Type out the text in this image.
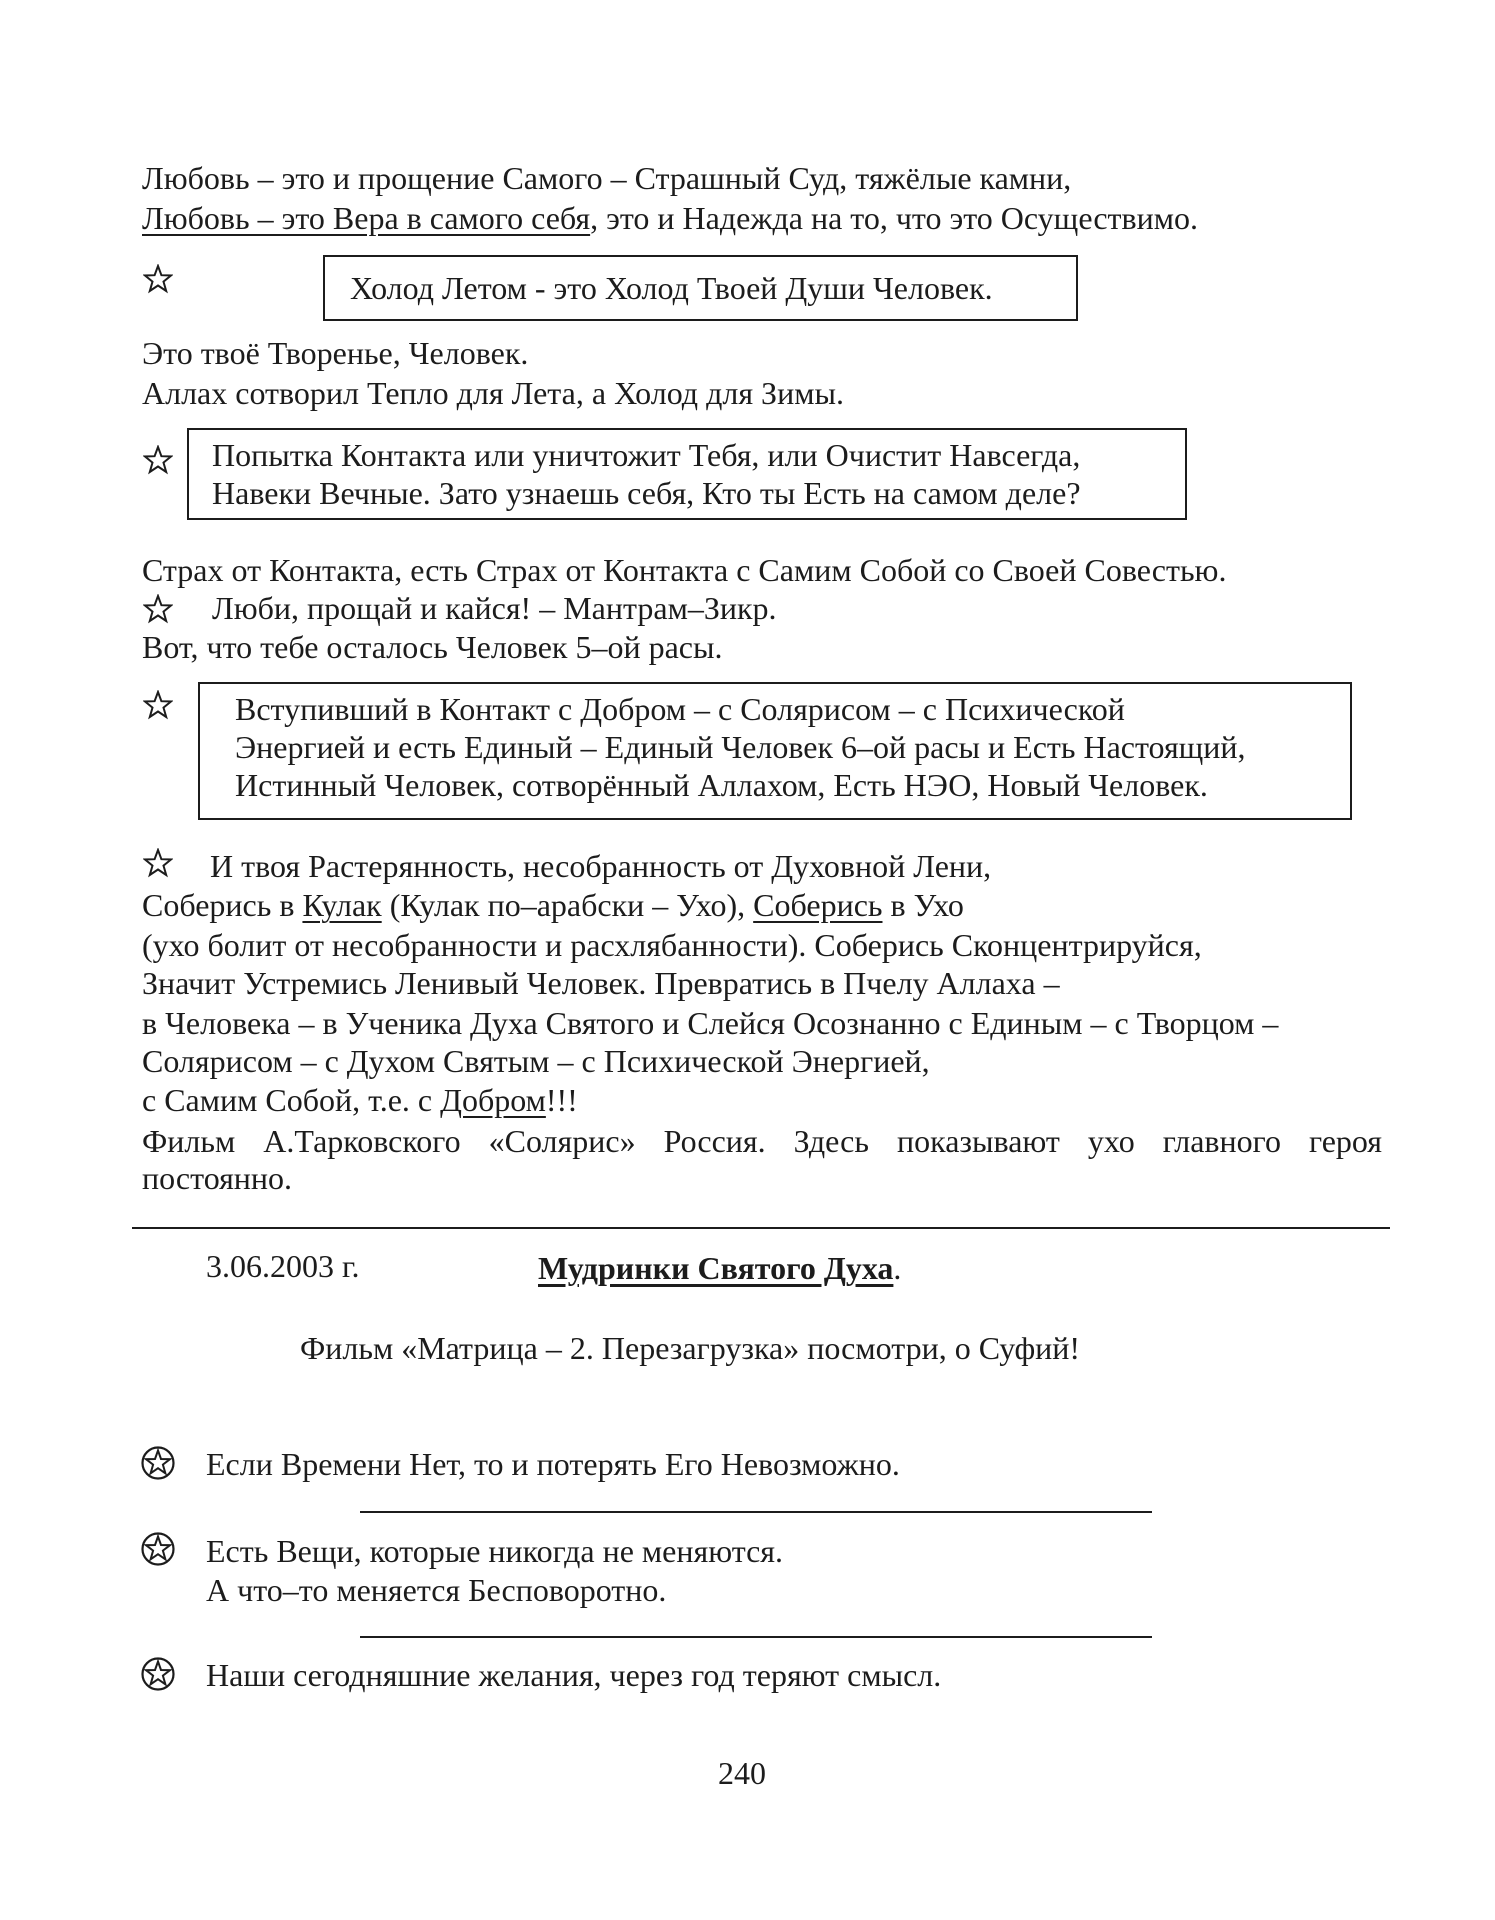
Любовь – это и прощение Самого – Страшный Суд, тяжёлые камни,
Любовь – это Вера в самого себя, это и Надежда на то, что это Осуществимо.
Холод Летом - это Холод Твоей Души Человек.
Это твоё Творенье, Человек.
Аллах сотворил Тепло для Лета, а Холод для Зимы.
Попытка Контакта или уничтожит Тебя, или Очистит Навсегда,
Навеки Вечные. Зато узнаешь себя, Кто ты Есть на самом деле?
Страх от Контакта, есть Страх от Контакта с Самим Собой со Своей Совестью.
Люби, прощай и кайся! – Мантрам–Зикр.
Вот, что тебе осталось Человек 5–ой расы.
Вступивший в Контакт с Добром – с Солярисом – с Психической
Энергией и есть Единый – Единый Человек 6–ой расы и Есть Настоящий,
Истинный Человек, сотворённый Аллахом, Есть НЭО, Новый Человек.
И твоя Растерянность, несобранность от Духовной Лени,
Соберись в Кулак (Кулак по–арабски – Ухо), Соберись в Ухо
(ухо болит от несобранности и расхлябанности). Соберись Сконцентрируйся,
Значит Устремись Ленивый Человек. Превратись в Пчелу Аллаха –
в Человека – в Ученика Духа Святого и Слейся Осознанно с Единым – с Творцом –
Солярисом – с Духом Святым – с Психической Энергией,
с Самим Собой, т.е. с Добром!!!
Фильм А.Тарковского «Солярис» Россия. Здесь показывают ухо главного героя
постоянно.
3.06.2003 г.	Мудринки Святого Духа.
Фильм «Матрица – 2. Перезагрузка» посмотри, о Суфий!
Если Времени Нет, то и потерять Его Невозможно.
Есть Вещи, которые никогда не меняются.
А что–то меняется Бесповоротно.
Наши сегодняшние желания, через год теряют смысл.
240
